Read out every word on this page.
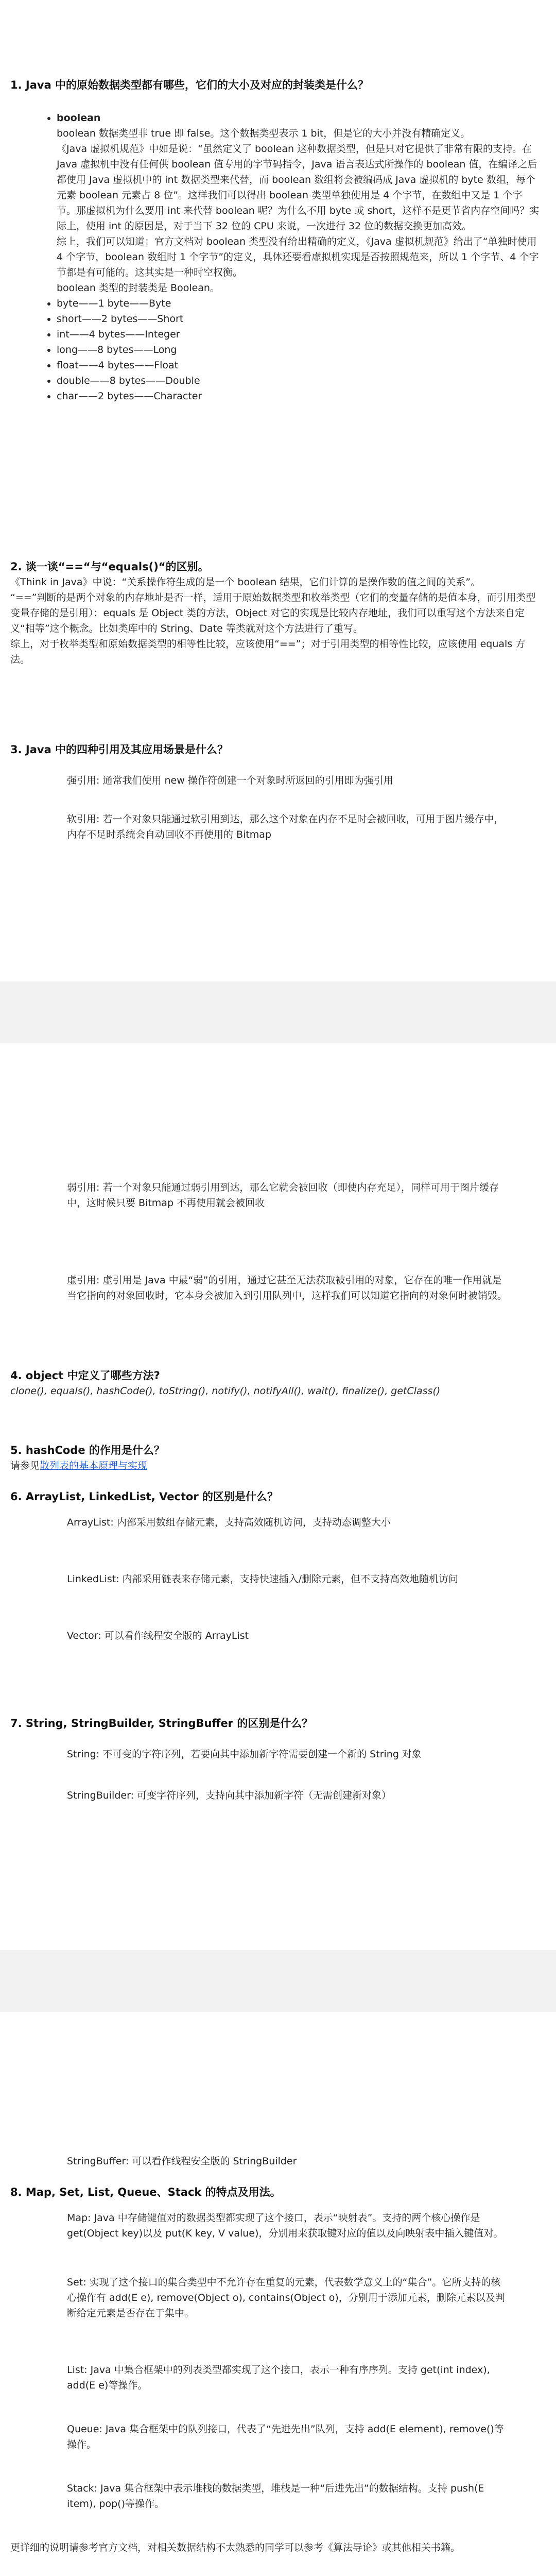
1. Java 中的原始数据类型都有哪些，它们的大小及对应的封装类是什么？

• boolean

boolean 数据类型非 true 即 false。这个数据类型表示 1 bit，但是它的大小并没有精确定义。

《Java 虚拟机规范》中如是说：“虽然定义了 boolean 这种数据类型，但是只对它提供了非常有限的支持。在 Java 虚拟机中没有任何供 boolean 值专用的字节码指令，Java 语言表达式所操作的 boolean 值，在编译之后都使用 Java 虚拟机中的 int 数据类型来代替，而 boolean 数组将会被编码成 Java 虚拟机的 byte 数组，每个元素 boolean 元素占 8 位”。这样我们可以得出 boolean 类型单独使用是 4 个字节，在数组中又是 1 个字节。那虚拟机为什么要用 int 来代替 boolean 呢？为什么不用 byte 或 short，这样不是更节省内存空间吗？实际上，使用 int 的原因是，对于当下 32 位的 CPU 来说，一次进行 32 位的数据交换更加高效。

综上，我们可以知道：官方文档对 boolean 类型没有给出精确的定义，《Java 虚拟机规范》给出了“单独时使用 4 个字节，boolean 数组时 1 个字节”的定义，具体还要看虚拟机实现是否按照规范来，所以 1 个字节、4 个字节都是有可能的。这其实是一种时空权衡。

boolean 类型的封装类是 Boolean。

• byte——1 byte——Byte
• short——2 bytes——Short
• int——4 bytes——Integer
• long——8 bytes——Long
• float——4 bytes——Float
• double——8 bytes——Double
• char——2 bytes——Character

2. 谈一谈“==“与“equals()“的区别。

《Think in Java》中说：“关系操作符生成的是一个 boolean 结果，它们计算的是操作数的值之间的关系”。

“==”判断的是两个对象的内存地址是否一样，适用于原始数据类型和枚举类型（它们的变量存储的是值本身，而引用类型变量存储的是引用）；equals 是 Object 类的方法，Object 对它的实现是比较内存地址，我们可以重写这个方法来自定义“相等”这个概念。比如类库中的 String、Date 等类就对这个方法进行了重写。

综上，对于枚举类型和原始数据类型的相等性比较，应该使用“==”；对于引用类型的相等性比较，应该使用 equals 方法。

3. Java 中的四种引用及其应用场景是什么？

强引用: 通常我们使用 new 操作符创建一个对象时所返回的引用即为强引用

软引用: 若一个对象只能通过软引用到达，那么这个对象在内存不足时会被回收，可用于图片缓存中，内存不足时系统会自动回收不再使用的 Bitmap

弱引用: 若一个对象只能通过弱引用到达，那么它就会被回收（即使内存充足），同样可用于图片缓存中，这时候只要 Bitmap 不再使用就会被回收

虚引用: 虚引用是 Java 中最“弱”的引用，通过它甚至无法获取被引用的对象，它存在的唯一作用就是当它指向的对象回收时，它本身会被加入到引用队列中，这样我们可以知道它指向的对象何时被销毁。

4. object 中定义了哪些方法?

clone(), equals(), hashCode(), toString(), notify(), notifyAll(), wait(), finalize(), getClass()

5. hashCode 的作用是什么？

请参见散列表的基本原理与实现

6. ArrayList, LinkedList, Vector 的区别是什么？

ArrayList: 内部采用数组存储元素，支持高效随机访问，支持动态调整大小

LinkedList: 内部采用链表来存储元素，支持快速插入/删除元素，但不支持高效地随机访问

Vector: 可以看作线程安全版的 ArrayList

7. String, StringBuilder, StringBuffer 的区别是什么？

String: 不可变的字符序列，若要向其中添加新字符需要创建一个新的 String 对象

StringBuilder: 可变字符序列，支持向其中添加新字符（无需创建新对象）

StringBuffer: 可以看作线程安全版的 StringBuilder

8. Map, Set, List, Queue、Stack 的特点及用法。

Map: Java 中存储键值对的数据类型都实现了这个接口，表示“映射表”。支持的两个核心操作是 get(Object key)以及 put(K key, V value)，分别用来获取键对应的值以及向映射表中插入键值对。

Set: 实现了这个接口的集合类型中不允许存在重复的元素，代表数学意义上的“集合”。它所支持的核心操作有 add(E e), remove(Object o), contains(Object o)，分别用于添加元素，删除元素以及判断给定元素是否存在于集中。

List: Java 中集合框架中的列表类型都实现了这个接口，表示一种有序序列。支持 get(int index), add(E e)等操作。

Queue: Java 集合框架中的队列接口，代表了“先进先出”队列，支持 add(E element), remove()等操作。

Stack: Java 集合框架中表示堆栈的数据类型，堆栈是一种“后进先出”的数据结构。支持 push(E item), pop()等操作。

更详细的说明请参考官方文档，对相关数据结构不太熟悉的同学可以参考《算法导论》或其他相关书籍。
